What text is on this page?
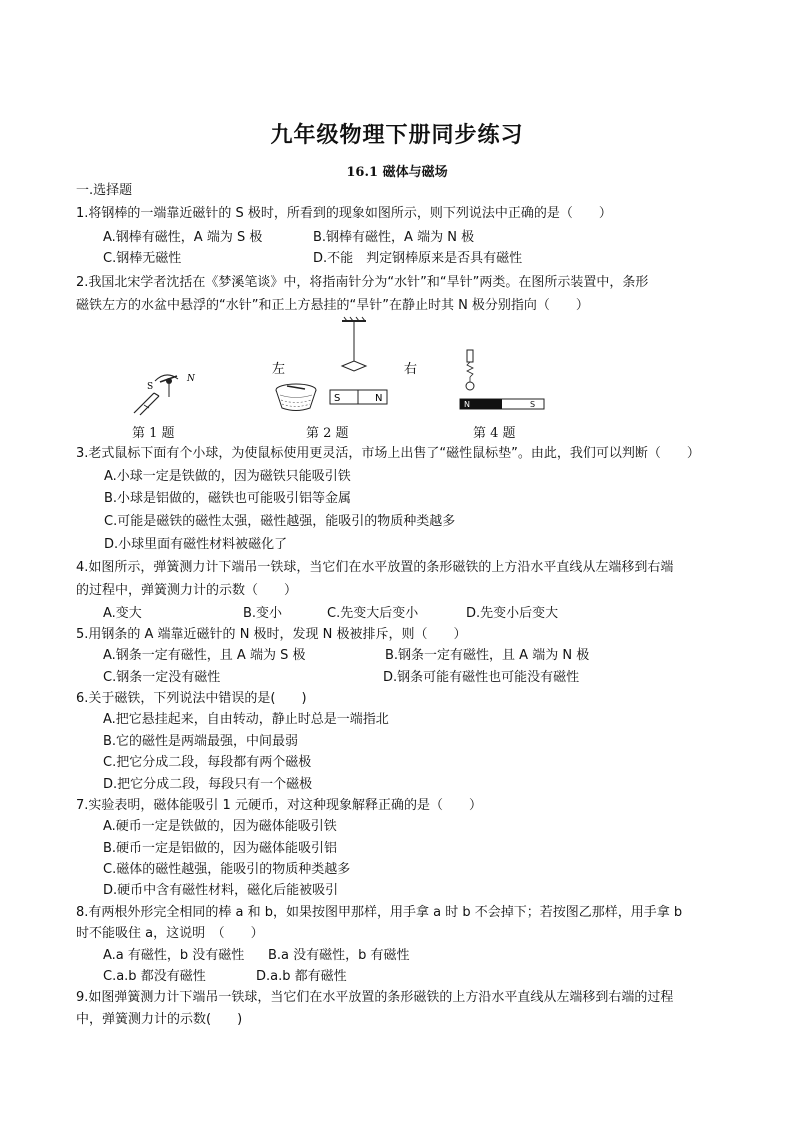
九年级物理下册同步练习
16.1 磁体与磁场
一.选择题
1.将钢棒的一端靠近磁针的 S 极时，所看到的现象如图所示，则下列说法中正确的是（　　）
A.钢棒有磁性，A 端为 S 极	B.钢棒有磁性，A 端为 N 极
C.钢棒无磁性	D.不能　判定钢棒原来是否具有磁性
2.我国北宋学者沈括在《梦溪笔谈》中，将指南针分为“水针”和“旱针”两类。在图所示装置中，条形
磁铁左方的水盆中悬浮的“水针”和正上方悬挂的“旱针”在静止时其 N 极分别指向（　　）
S
N
左	右
S	N
N	S
第 1 题	第 2 题	第 4 题
3.老式鼠标下面有个小球，为使鼠标使用更灵活，市场上出售了“磁性鼠标垫”。由此，我们可以判断（　　）
A.小球一定是铁做的，因为磁铁只能吸引铁
B.小球是铝做的，磁铁也可能吸引铝等金属
C.可能是磁铁的磁性太强，磁性越强，能吸引的物质种类越多
D.小球里面有磁性材料被磁化了
4.如图所示，弹簧测力计下端吊一铁球，当它们在水平放置的条形磁铁的上方沿水平直线从左端移到右端
的过程中，弹簧测力计的示数（　　）
A.变大	B.变小	C.先变大后变小	D.先变小后变大
5.用钢条的 A 端靠近磁针的 N 极时，发现 N 极被排斥，则（　　）
A.钢条一定有磁性，且 A 端为 S 极	B.钢条一定有磁性，且 A 端为 N 极
C.钢条一定没有磁性	D.钢条可能有磁性也可能没有磁性
6.关于磁铁，下列说法中错误的是(　　)
A.把它悬挂起来，自由转动，静止时总是一端指北
B.它的磁性是两端最强，中间最弱
C.把它分成二段，每段都有两个磁极
D.把它分成二段，每段只有一个磁极
7.实验表明，磁体能吸引 1 元硬币，对这种现象解释正确的是（　　）
A.硬币一定是铁做的，因为磁体能吸引铁
B.硬币一定是铝做的，因为磁体能吸引铝
C.磁体的磁性越强，能吸引的物质种类越多
D.硬币中含有磁性材料，磁化后能被吸引
8.有两根外形完全相同的棒 a 和 b，如果按图甲那样，用手拿 a 时 b 不会掉下；若按图乙那样，用手拿 b
时不能吸住 a，这说明　（　　）
A.a 有磁性，b 没有磁性 B.a 没有磁性，b 有磁性
C.a.b 都没有磁性	D.a.b 都有磁性
9.如图弹簧测力计下端吊一铁球，当它们在水平放置的条形磁铁的上方沿水平直线从左端移到右端的过程
中，弹簧测力计的示数(　　)
